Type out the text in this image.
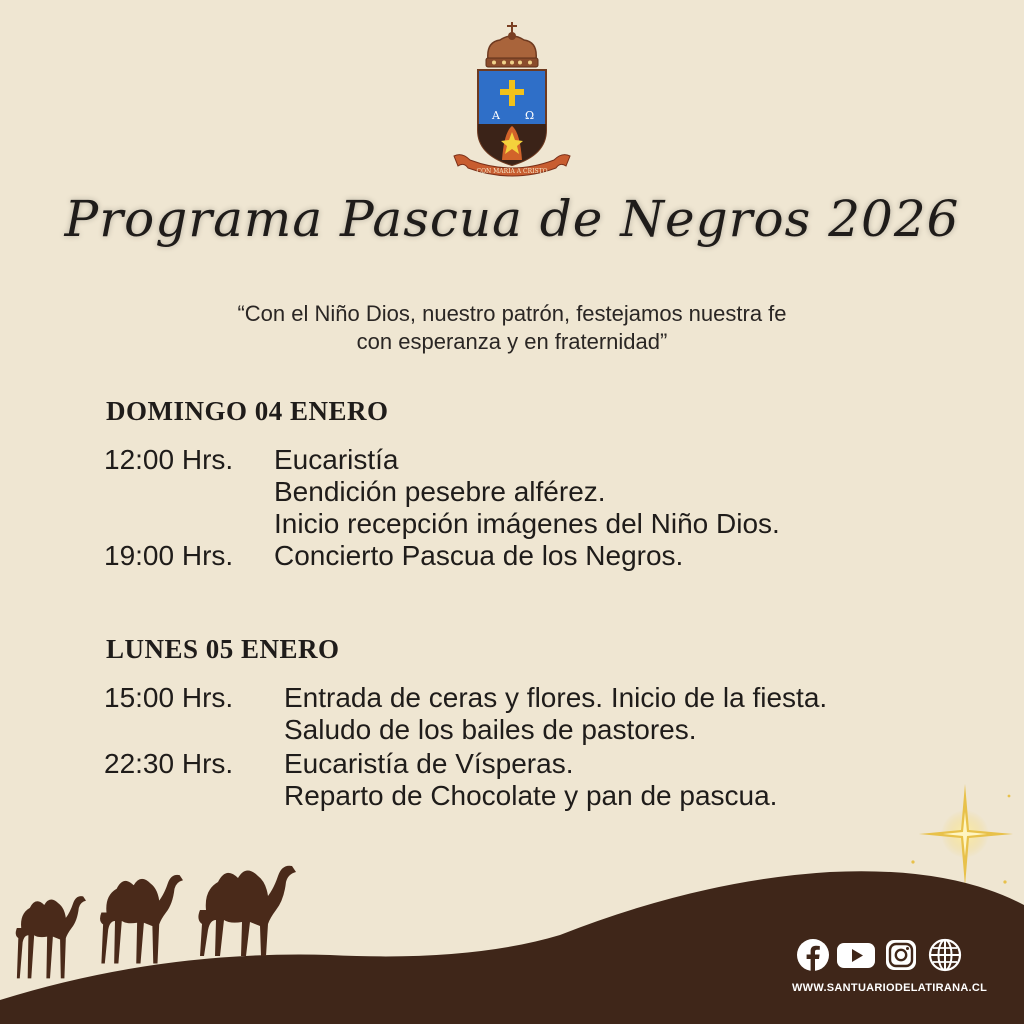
A Ω
CON MARIA A CRISTO
Programa Pascua de Negros 2026
“Con el Niño Dios, nuestro patrón, festejamos nuestra fe
con esperanza y en fraternidad”
DOMINGO 04 ENERO
12:00 Hrs. Eucaristía
Bendición pesebre alférez.
Inicio recepción imágenes del Niño Dios.
19:00 Hrs. Concierto Pascua de los Negros.
LUNES 05 ENERO
15:00 Hrs. Entrada de ceras y flores. Inicio de la fiesta.
Saludo de los bailes de pastores.
22:30 Hrs. Eucaristía de Vísperas.
Reparto de Chocolate y pan de pascua.
WWW.SANTUARIODELATIRANA.CL
